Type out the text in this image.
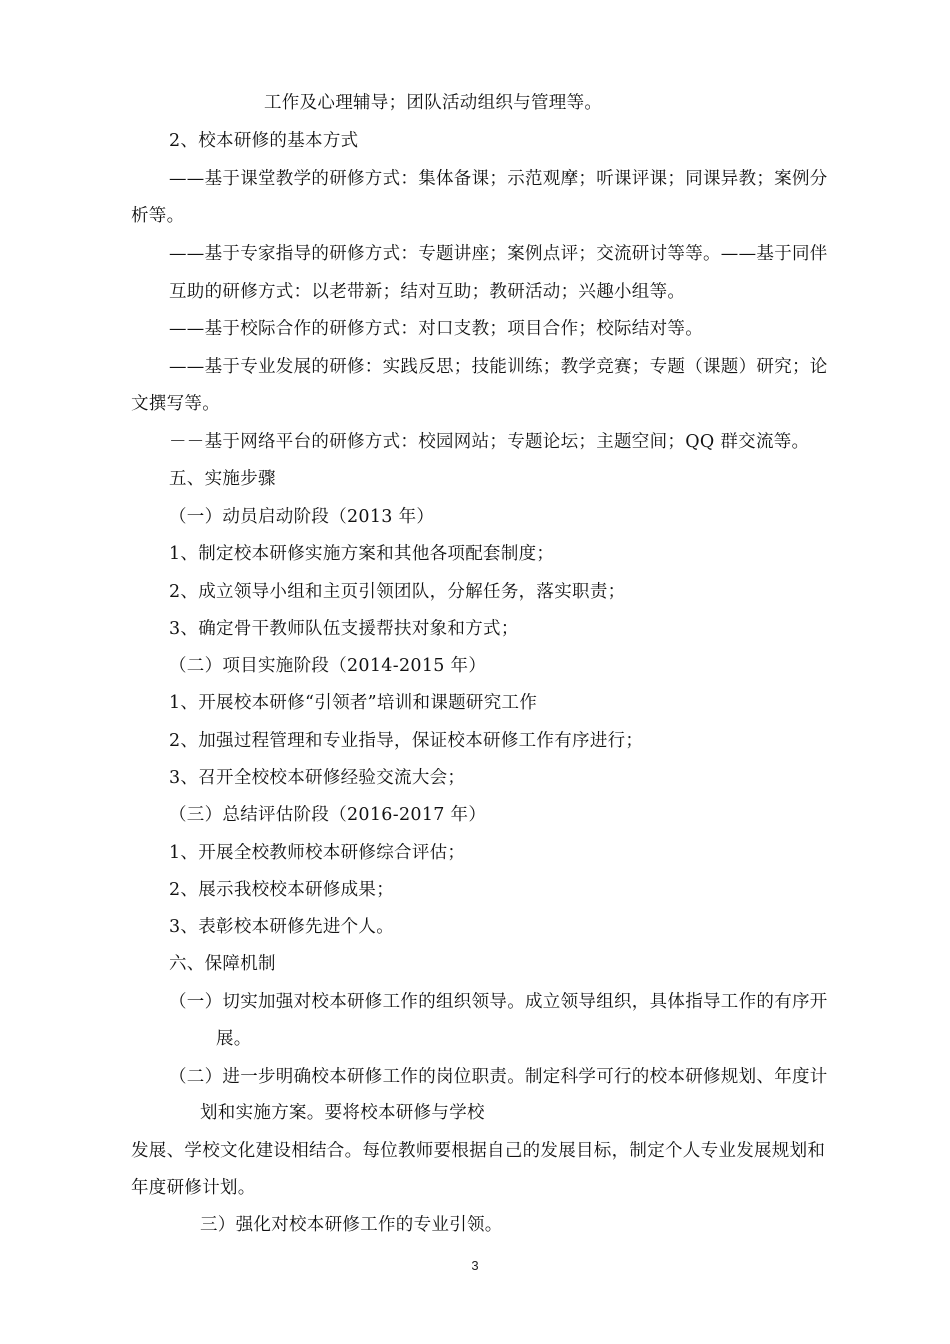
工作及心理辅导；团队活动组织与管理等。
2、校本研修的基本方式
——基于课堂教学的研修方式：集体备课；示范观摩；听课评课；同课异教；案例分
析等。
——基于专家指导的研修方式：专题讲座；案例点评；交流研讨等等。——基于同伴
互助的研修方式：以老带新；结对互助；教研活动；兴趣小组等。
——基于校际合作的研修方式：对口支教；项目合作；校际结对等。
——基于专业发展的研修：实践反思；技能训练；教学竞赛；专题（课题）研究；论
文撰写等。
－－基于网络平台的研修方式：校园网站；专题论坛；主题空间；QQ 群交流等。
五、实施步骤
（一）动员启动阶段（2013 年）
1、制定校本研修实施方案和其他各项配套制度；
2、成立领导小组和主页引领团队，分解任务，落实职责；
3、确定骨干教师队伍支援帮扶对象和方式；
（二）项目实施阶段（2014-2015 年）
1、开展校本研修“引领者”培训和课题研究工作
2、加强过程管理和专业指导，保证校本研修工作有序进行；
3、召开全校校本研修经验交流大会；
（三）总结评估阶段（2016-2017 年）
1、开展全校教师校本研修综合评估；
2、展示我校校本研修成果；
3、表彰校本研修先进个人。
六、保障机制
（一）切实加强对校本研修工作的组织领导。成立领导组织，具体指导工作的有序开
展。
（二）进一步明确校本研修工作的岗位职责。制定科学可行的校本研修规划、年度计
划和实施方案。要将校本研修与学校
发展、学校文化建设相结合。每位教师要根据自己的发展目标，制定个人专业发展规划和
年度研修计划。
三）强化对校本研修工作的专业引领。
3
